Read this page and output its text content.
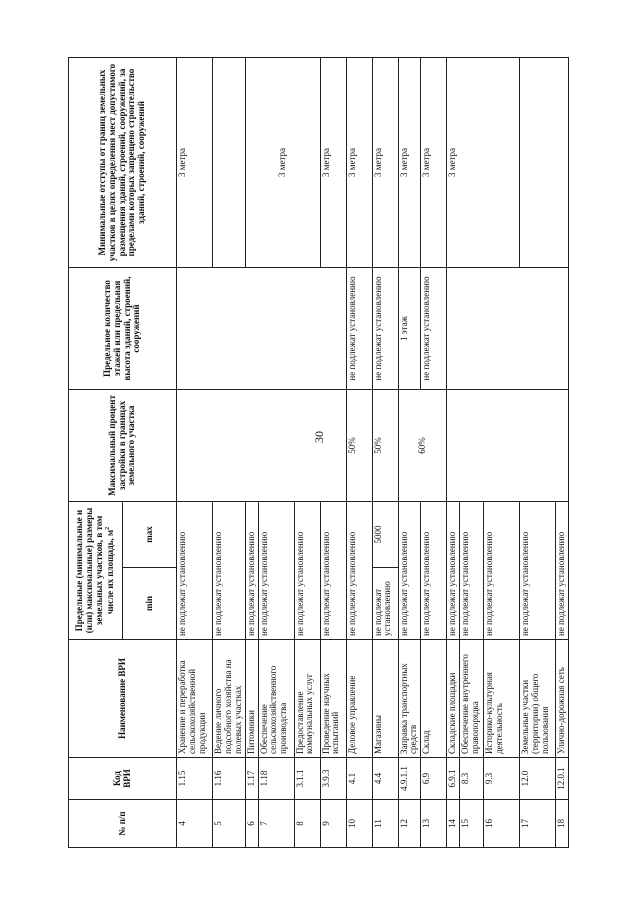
30
№ п/п	Код ВРИ	Наименование ВРИ	Предельные (минимальные и (или) максимальные) размеры земельных участков, в том числе их площадь, $м^2$		Максимальный процент застройки в границах земельного участка	Предельное количество этажей или предельная высота зданий, строений, сооружений	Минимальные отступы от границ земельных участков в целях определения мест допустимого размещения зданий, строений, сооружений, за пределами которых запрещено строительство зданий, строений, сооружений
			min	max			
4	1.15	Хранение и переработка сельскохозяйственной продукции	не подлежат установлению				3 метра
5	1.16	Ведение личного подсобного хозяйства на полевых участках	не подлежат установлению				
6	1.17	Питомники	не подлежат установлению				3 метра
7	1.18	Обеспечение сельскохозяйственного производства	не подлежат установлению				
8	3.1.1	Предоставление коммунальных услуг	не подлежат установлению				
9	3.9.3	Проведение научных испытаний	не подлежат установлению				3 метра
10	4.1	Деловое управление	не подлежат установлению		50%	не подлежат установлению	3 метра
11	4.4	Магазины	не подлежат установлению	5000	50%	не подлежат установлению	3 метра
12	4.9.1.1	Заправка транспортных средств	не подлежат установлению		60%	1 этаж	3 метра
13	6.9	Склад	не подлежат установлению			не подлежат установлению	3 метра
14	6.9.1	Складские площадки	не подлежат установлению				3 метра
15	8.3	Обеспечение внутреннего правопорядка	не подлежат установлению				
16	9.3	Историко-культурная деятельность	не подлежат установлению				
17	12.0	Земельные участки (территории) общего пользования	не подлежат установлению				
18	12.0.1	Улично-дорожная сеть	не подлежат установлению				
